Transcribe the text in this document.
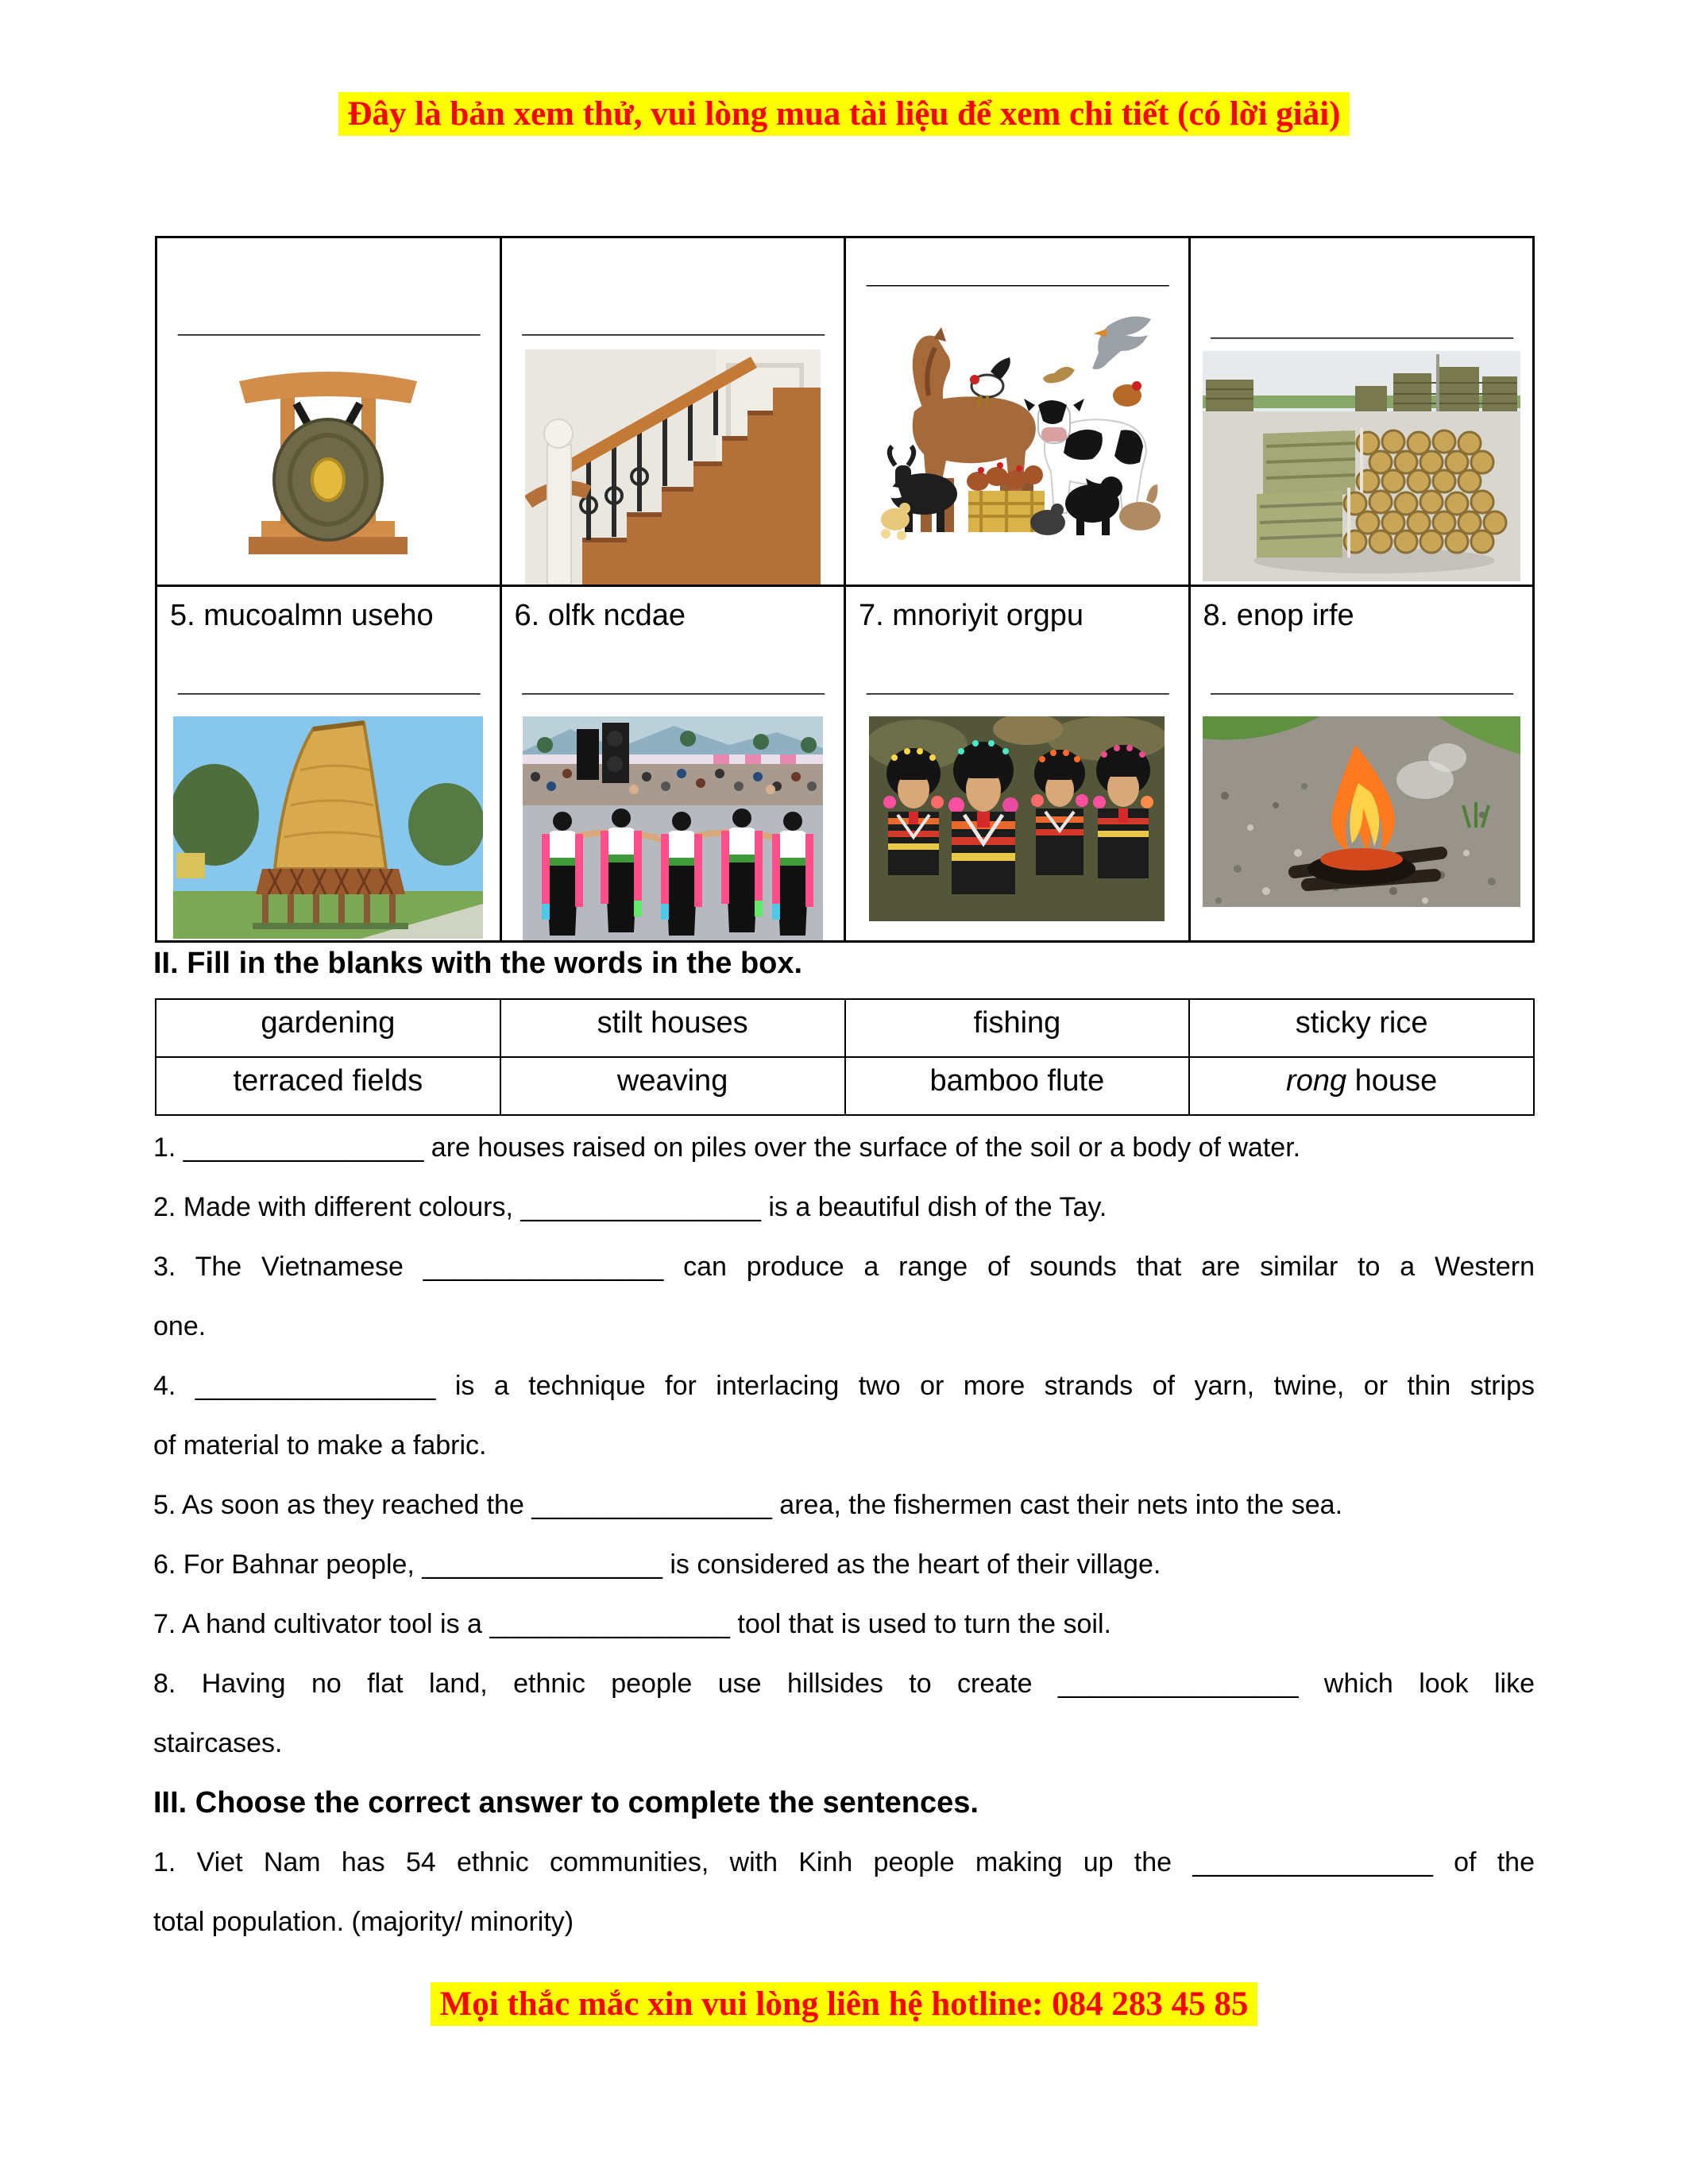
Đây là bản xem thử, vui lòng mua tài liệu để xem chi tiết (có lời giải)
__________________	__________________	__________________	__________________

5. mucoalmn useho
__________________

6. olfk ncdae
__________________

7. mnoriyit orgpu
__________________

8. enop irfe
__________________
II. Fill in the blanks with the words in the box.
gardening	stilt houses	fishing	sticky rice
terraced fields	weaving	bamboo flute	rong house
1. ________________ are houses raised on piles over the surface of the soil or a body of water.
2. Made with different colours, ________________ is a beautiful dish of the Tay.
3. The Vietnamese ________________ can produce a range of sounds that are similar to a Western
one.
4. ________________ is a technique for interlacing two or more strands of yarn, twine, or thin strips
of material to make a fabric.
5. As soon as they reached the ________________ area, the fishermen cast their nets into the sea.
6. For Bahnar people, ________________ is considered as the heart of their village.
7. A hand cultivator tool is a ________________ tool that is used to turn the soil.
8. Having no flat land, ethnic people use hillsides to create ________________ which look like
staircases.
III. Choose the correct answer to complete the sentences.
1. Viet Nam has 54 ethnic communities, with Kinh people making up the ________________ of the
total population. (majority/ minority)
Mọi thắc mắc xin vui lòng liên hệ hotline: 084 283 45 85
